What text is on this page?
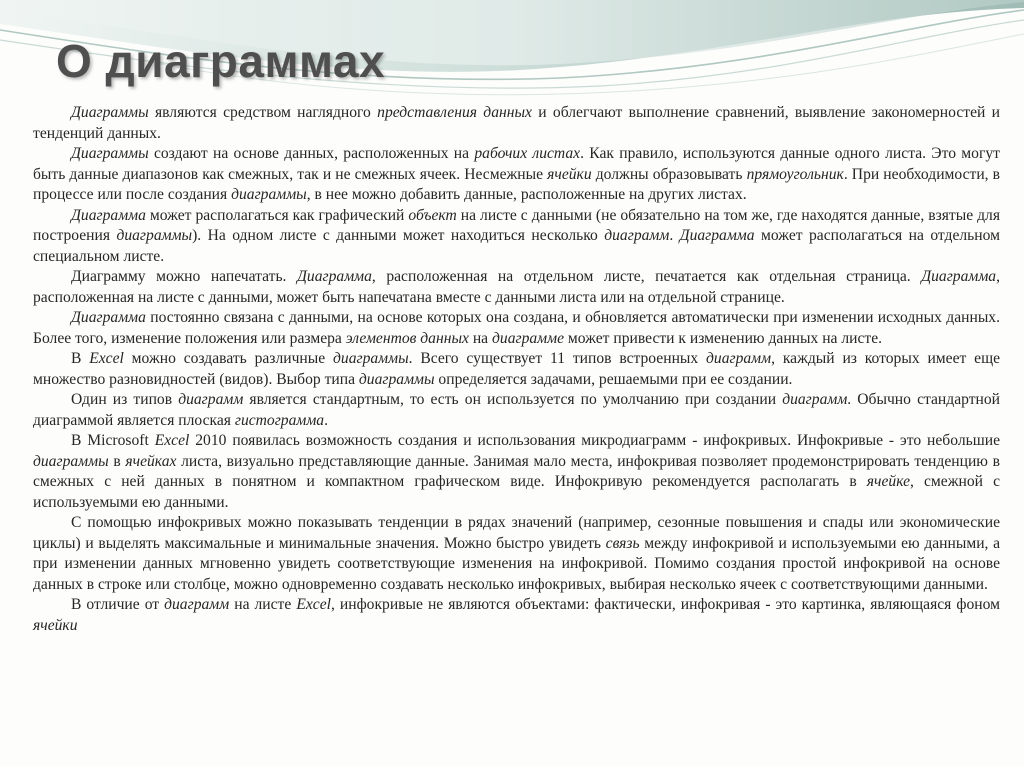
О диаграммах

Диаграммы являются средством наглядного представления данных и облегчают выполнение сравнений, выявление закономерностей и тенденций данных.

Диаграммы создают на основе данных, расположенных на рабочих листах. Как правило, используются данные одного листа. Это могут быть данные диапазонов как смежных, так и не смежных ячеек. Несмежные ячейки должны образовывать прямоугольник. При необходимости, в процессе или после создания диаграммы, в нее можно добавить данные, расположенные на других листах.

Диаграмма может располагаться как графический объект на листе с данными (не обязательно на том же, где находятся данные, взятые для построения диаграммы). На одном листе с данными может находиться несколько диаграмм. Диаграмма может располагаться на отдельном специальном листе.

Диаграмму можно напечатать. Диаграмма, расположенная на отдельном листе, печатается как отдельная страница. Диаграмма, расположенная на листе с данными, может быть напечатана вместе с данными листа или на отдельной странице.

Диаграмма постоянно связана с данными, на основе которых она создана, и обновляется автоматически при изменении исходных данных. Более того, изменение положения или размера элементов данных на диаграмме может привести к изменению данных на листе.

В Excel можно создавать различные диаграммы. Всего существует 11 типов встроенных диаграмм, каждый из которых имеет еще множество разновидностей (видов). Выбор типа диаграммы определяется задачами, решаемыми при ее создании.

Один из типов диаграмм является стандартным, то есть он используется по умолчанию при создании диаграмм. Обычно стандартной диаграммой является плоская гистограмма.

В Microsoft Excel 2010 появилась возможность создания и использования микродиаграмм - инфокривых. Инфокривые - это небольшие диаграммы в ячейках листа, визуально представляющие данные. Занимая мало места, инфокривая позволяет продемонстрировать тенденцию в смежных с ней данных в понятном и компактном графическом виде. Инфокривую рекомендуется располагать в ячейке, смежной с используемыми ею данными.

С помощью инфокривых можно показывать тенденции в рядах значений (например, сезонные повышения и спады или экономические циклы) и выделять максимальные и минимальные значения. Можно быстро увидеть связь между инфокривой и используемыми ею данными, а при изменении данных мгновенно увидеть соответствующие изменения на инфокривой. Помимо создания простой инфокривой на основе данных в строке или столбце, можно одновременно создавать несколько инфокривых, выбирая несколько ячеек с соответствующими данными.

В отличие от диаграмм на листе Excel, инфокривые не являются объектами: фактически, инфокривая - это картинка, являющаяся фоном ячейки
